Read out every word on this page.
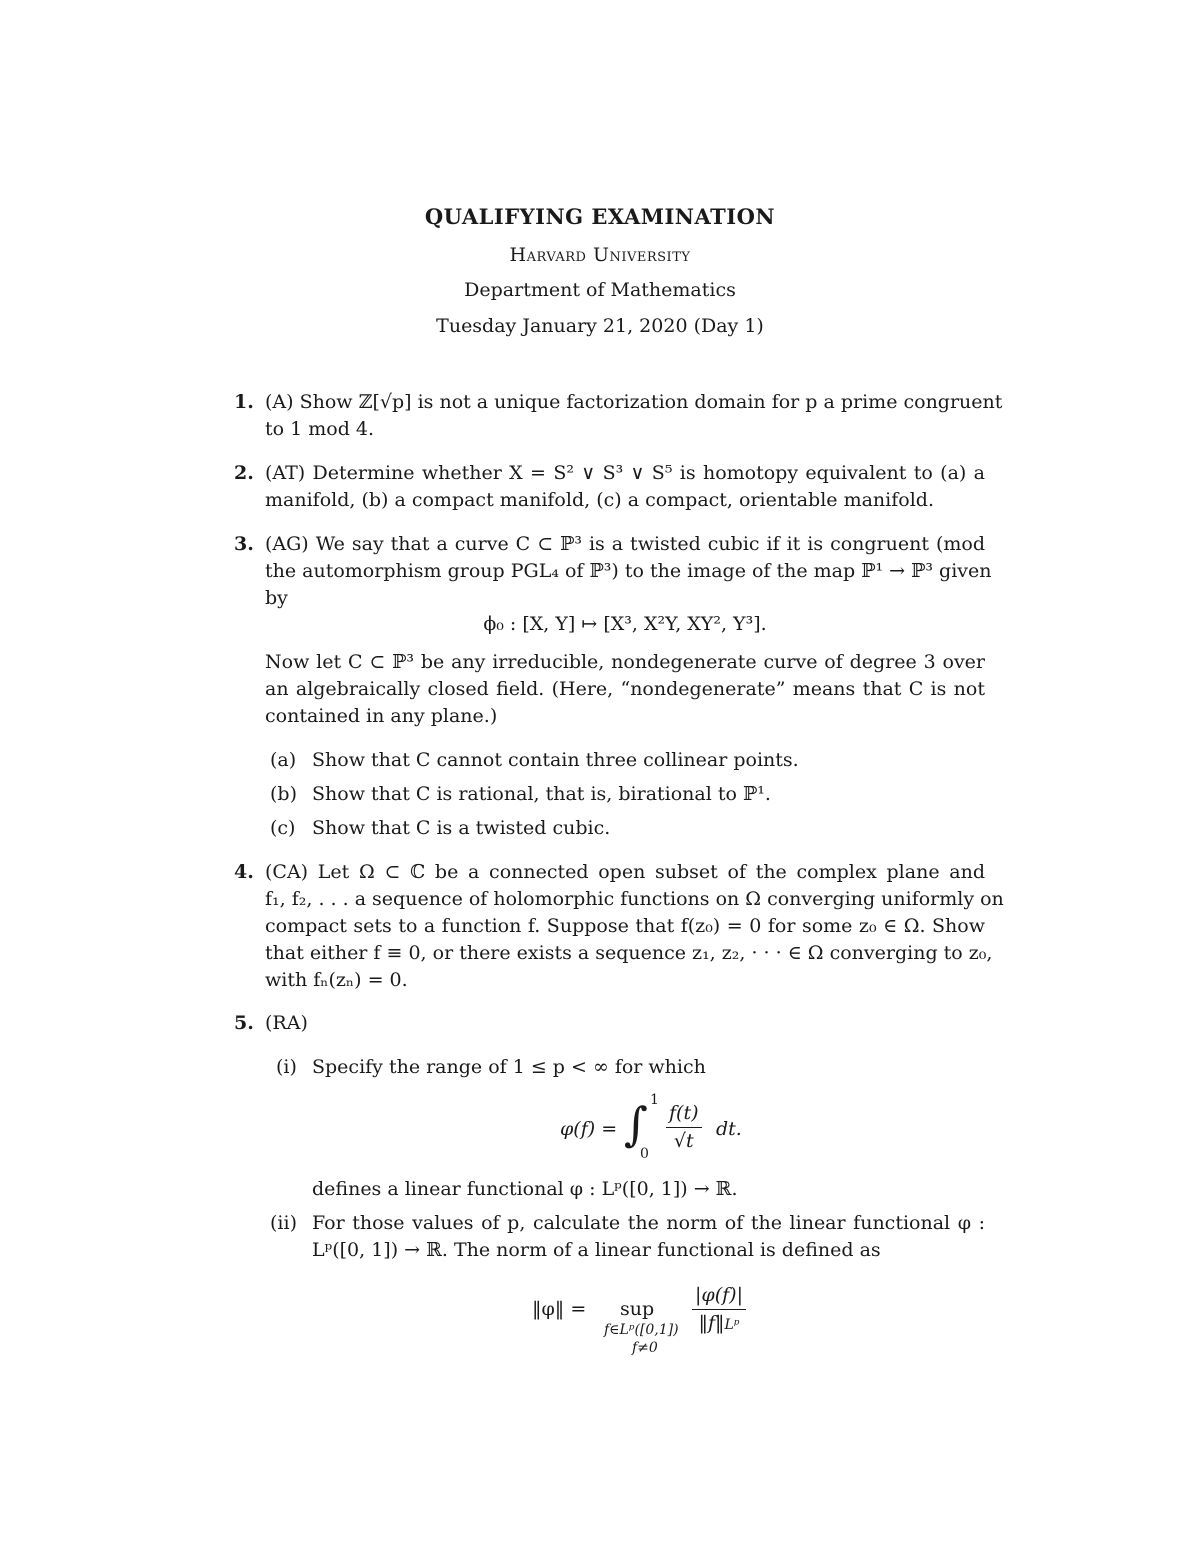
QUALIFYING EXAMINATION
Harvard University
Department of Mathematics
Tuesday January 21, 2020 (Day 1)
1. (A) Show ℤ[√p] is not a unique factorization domain for p a prime congruent
to 1 mod 4.
2. (AT) Determine whether X = S² ∨ S³ ∨ S⁵ is homotopy equivalent to (a) a
manifold, (b) a compact manifold, (c) a compact, orientable manifold.
3. (AG) We say that a curve C ⊂ ℙ³ is a twisted cubic if it is congruent (mod
the automorphism group PGL₄ of ℙ³) to the image of the map ℙ¹ → ℙ³ given
by
ϕ₀ : [X, Y] ↦ [X³, X²Y, XY², Y³].
Now let C ⊂ ℙ³ be any irreducible, nondegenerate curve of degree 3 over
an algebraically closed field. (Here, “nondegenerate” means that C is not
contained in any plane.)
(a) Show that C cannot contain three collinear points.
(b) Show that C is rational, that is, birational to ℙ¹.
(c) Show that C is a twisted cubic.
4. (CA) Let Ω ⊂ ℂ be a connected open subset of the complex plane and
f₁, f₂, . . . a sequence of holomorphic functions on Ω converging uniformly on
compact sets to a function f. Suppose that f(z₀) = 0 for some z₀ ∈ Ω. Show
that either f ≡ 0, or there exists a sequence z₁, z₂, · · · ∈ Ω converging to z₀,
with fₙ(zₙ) = 0.
5. (RA)
(i) Specify the range of 1 ≤ p < ∞ for which
φ(f) = ∫ 1
$0 \frac{f(t)}{√t}$ dt.
defines a linear functional φ : Lᵖ([0, 1]) → ℝ.
(ii) For those values of p, calculate the norm of the linear functional φ :
Lᵖ([0, 1]) → ℝ. The norm of a linear functional is defined as
‖φ‖ = sup
f∈Lᵖ([0,1])
f≠0
$\frac{|\varphi(f)|}{\text{‖f‖Lᵖ}}$
